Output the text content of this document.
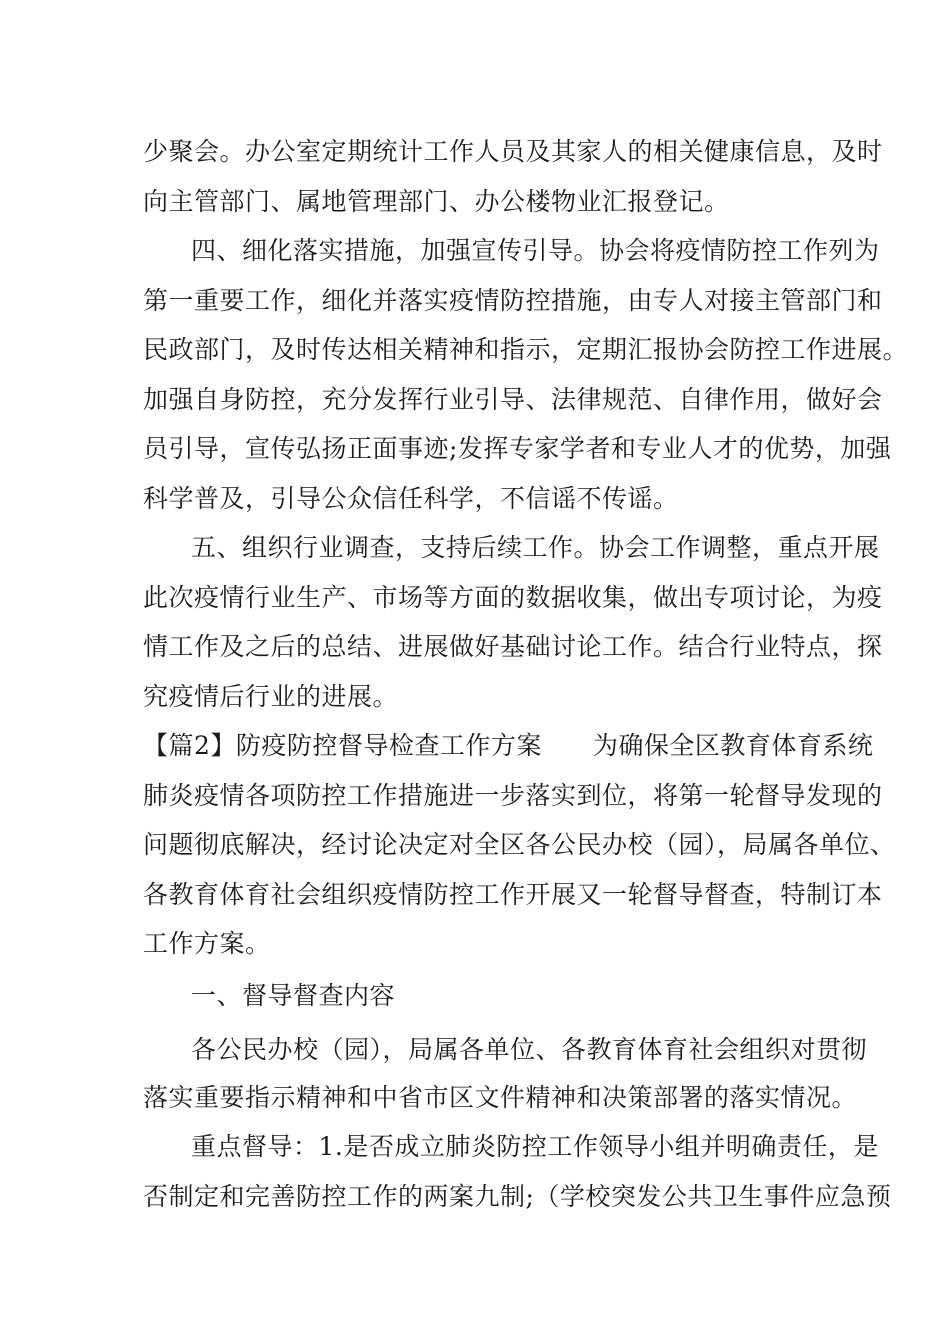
少聚会。办公室定期统计工作人员及其家人的相关健康信息，及时
向主管部门、属地管理部门、办公楼物业汇报登记。
四、细化落实措施，加强宣传引导。协会将疫情防控工作列为
第一重要工作，细化并落实疫情防控措施，由专人对接主管部门和
民政部门，及时传达相关精神和指示，定期汇报协会防控工作进展。
加强自身防控，充分发挥行业引导、法律规范、自律作用，做好会
员引导，宣传弘扬正面事迹;发挥专家学者和专业人才的优势，加强
科学普及，引导公众信任科学，不信谣不传谣。
五、组织行业调查，支持后续工作。协会工作调整，重点开展
此次疫情行业生产、市场等方面的数据收集，做出专项讨论，为疫
情工作及之后的总结、进展做好基础讨论工作。结合行业特点，探
究疫情后行业的进展。
【篇2】防疫防控督导检查工作方案　　为确保全区教育体育系统
肺炎疫情各项防控工作措施进一步落实到位，将第一轮督导发现的
问题彻底解决，经讨论决定对全区各公民办校（园），局属各单位、
各教育体育社会组织疫情防控工作开展又一轮督导督查，特制订本
工作方案。
一、督导督查内容
各公民办校（园），局属各单位、各教育体育社会组织对贯彻
落实重要指示精神和中省市区文件精神和决策部署的落实情况。
重点督导：1.是否成立肺炎防控工作领导小组并明确责任，是
否制定和完善防控工作的两案九制;（学校突发公共卫生事件应急预
